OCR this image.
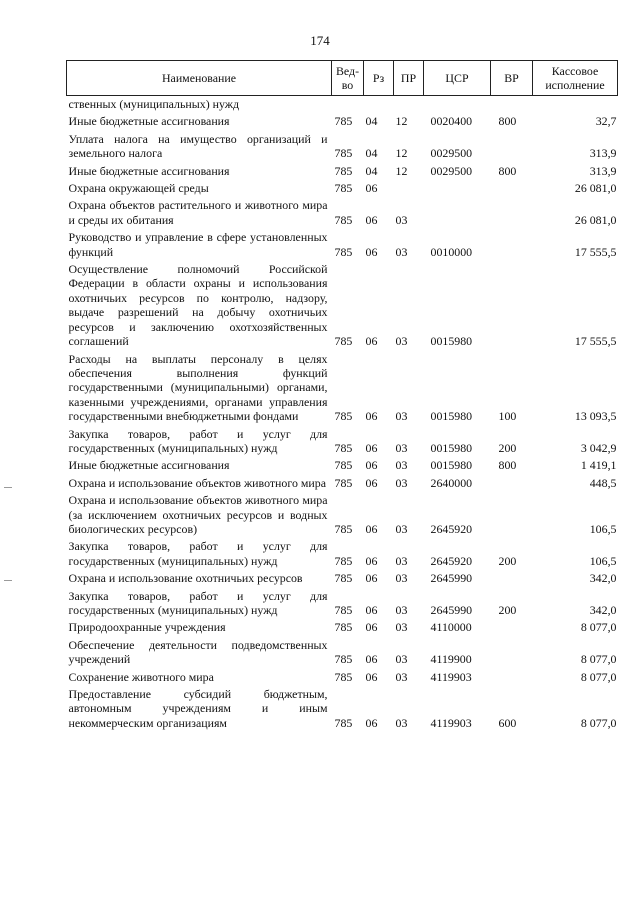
174
Наименование	Вед-во	Рз	ПР	ЦСР	ВР	Кассовое исполнение
ственных (муниципальных) нужд						
Иные бюджетные ассигнования	785	04	12	0020400	800	32,7
Уплата налога на имущество организаций и земельного налога	785	04	12	0029500		313,9
Иные бюджетные ассигнования	785	04	12	0029500	800	313,9
Охрана окружающей среды	785	06				26 081,0
Охрана объектов растительного и животного мира и среды их обитания	785	06	03			26 081,0
Руководство и управление в сфере установленных функций	785	06	03	0010000		17 555,5
Осуществление полномочий Российской Федерации в области охраны и использования охотничьих ресурсов по контролю, надзору, выдаче разрешений на добычу охотничьих ресурсов и заключению охотхозяйственных соглашений	785	06	03	0015980		17 555,5
Расходы на выплаты персоналу в целях обеспечения выполнения функций государственными (муниципальными) органами, казенными учреждениями, органами управления государственными внебюджетными фондами	785	06	03	0015980	100	13 093,5
Закупка товаров, работ и услуг для государственных (муниципальных) нужд	785	06	03	0015980	200	3 042,9
Иные бюджетные ассигнования	785	06	03	0015980	800	1 419,1
Охрана и использование объектов животного мира	785	06	03	2640000		448,5
Охрана и использование объектов животного мира (за исключением охотничьих ресурсов и водных биологических ресурсов)	785	06	03	2645920		106,5
Закупка товаров, работ и услуг для государственных (муниципальных) нужд	785	06	03	2645920	200	106,5
Охрана и использование охотничьих ресурсов	785	06	03	2645990		342,0
Закупка товаров, работ и услуг для государственных (муниципальных) нужд	785	06	03	2645990	200	342,0
Природоохранные учреждения	785	06	03	4110000		8 077,0
Обеспечение деятельности подведомственных учреждений	785	06	03	4119900		8 077,0
Сохранение животного мира	785	06	03	4119903		8 077,0
Предоставление субсидий бюджетным, автономным учреждениям и иным некоммерческим организациям	785	06	03	4119903	600	8 077,0
